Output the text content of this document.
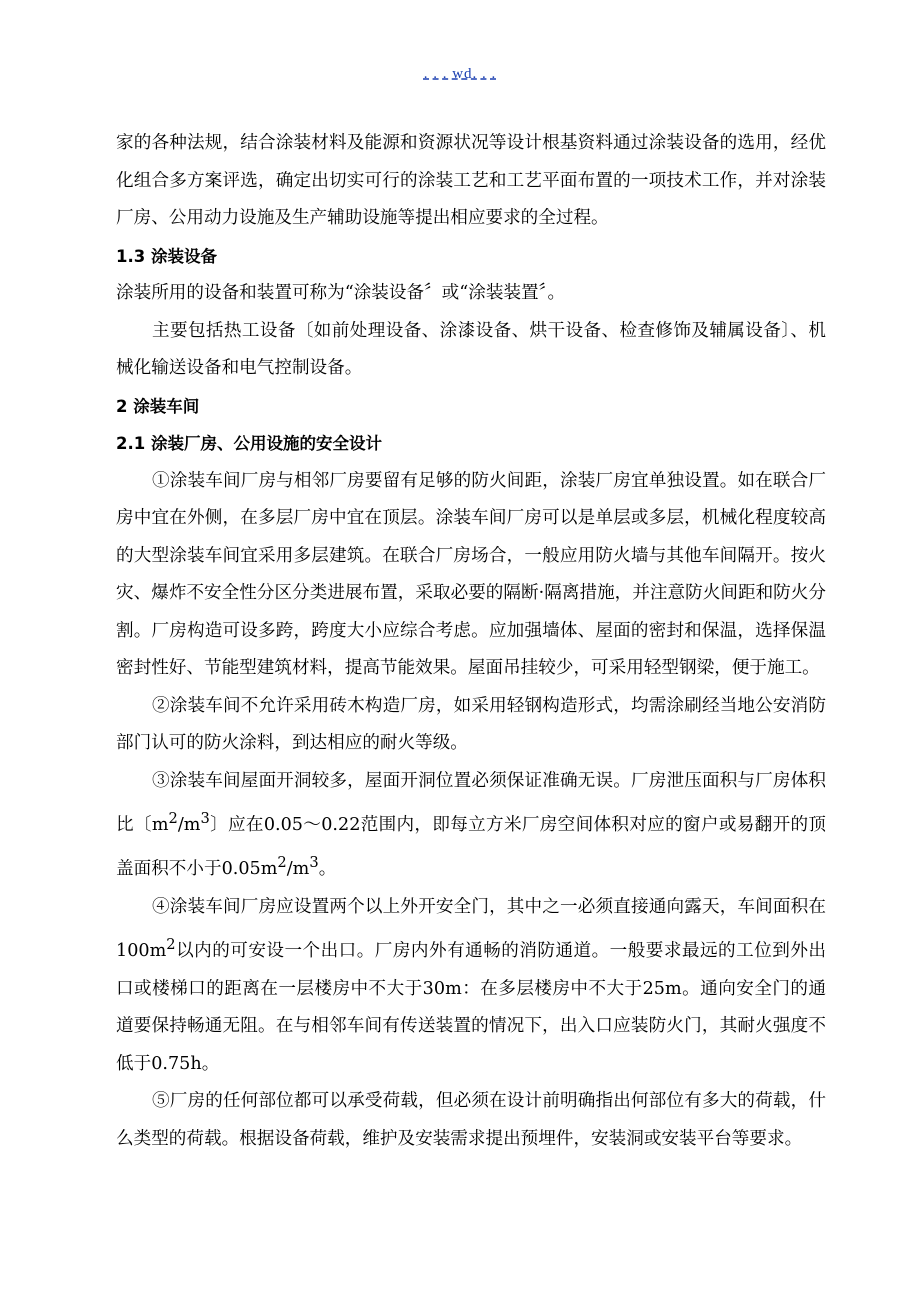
. . . wd. . .

家的各种法规，结合涂装材料及能源和资源状况等设计根基资料通过涂装设备的选用，经优化组合多方案评选，确定出切实可行的涂装工艺和工艺平面布置的一项技术工作，并对涂装厂房、公用动力设施及生产辅助设施等提出相应要求的全过程。

1.3 涂装设备

涂装所用的设备和装置可称为“涂装设备〞或“涂装装置〞。

主要包括热工设备〔如前处理设备、涂漆设备、烘干设备、检查修饰及辅属设备〕、机械化输送设备和电气控制设备。

2 涂装车间

2.1 涂装厂房、公用设施的安全设计

①涂装车间厂房与相邻厂房要留有足够的防火间距，涂装厂房宜单独设置。如在联合厂房中宜在外侧，在多层厂房中宜在顶层。涂装车间厂房可以是单层或多层，机械化程度较高的大型涂装车间宜采用多层建筑。在联合厂房场合，一般应用防火墙与其他车间隔开。按火灾、爆炸不安全性分区分类进展布置，采取必要的隔断·隔离措施，并注意防火间距和防火分割。厂房构造可设多跨，跨度大小应综合考虑。应加强墙体、屋面的密封和保温，选择保温密封性好、节能型建筑材料，提高节能效果。屋面吊挂较少，可采用轻型钢梁，便于施工。

②涂装车间不允许采用砖木构造厂房，如采用轻钢构造形式，均需涂刷经当地公安消防部门认可的防火涂料，到达相应的耐火等级。

③涂装车间屋面开洞较多，屋面开洞位置必须保证准确无误。厂房泄压面积与厂房体积比〔$m^2/m^3$〕应在0.05～0.22范围内，即每立方米厂房空间体积对应的窗户或易翻开的顶盖面积不小于$0.05m^2/m^3$。

④涂装车间厂房应设置两个以上外开安全门，其中之一必须直接通向露天，车间面积在$100m^2$以内的可安设一个出口。厂房内外有通畅的消防通道。一般要求最远的工位到外出口或楼梯口的距离在一层楼房中不大于30m：在多层楼房中不大于25m。通向安全门的通道要保持畅通无阻。在与相邻车间有传送装置的情况下，出入口应装防火门，其耐火强度不低于0.75h。

⑤厂房的任何部位都可以承受荷载，但必须在设计前明确指出何部位有多大的荷载，什么类型的荷载。根据设备荷载，维护及安装需求提出预埋件，安装洞或安装平台等要求。
